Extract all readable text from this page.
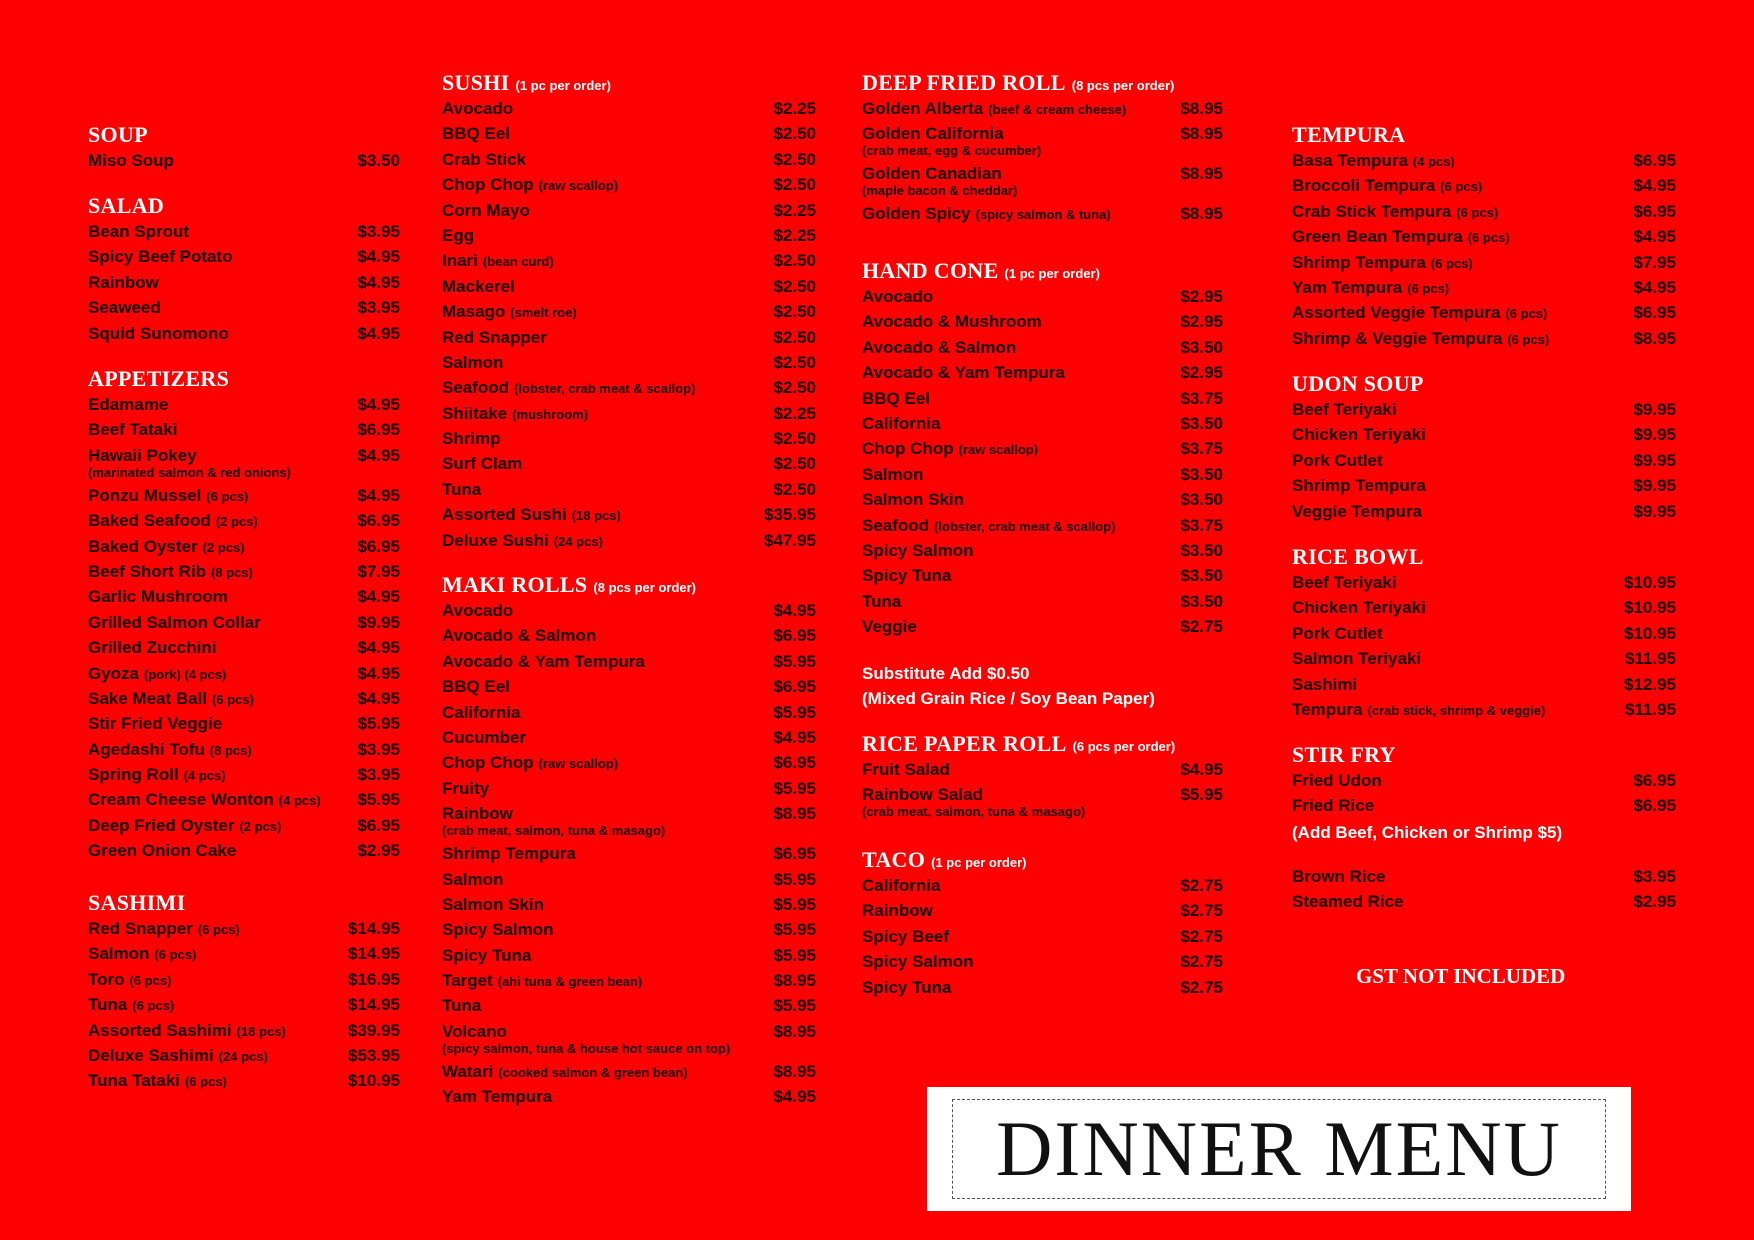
SOUP
Miso Soup	$3.50
SALAD
Bean Sprout	$3.95
Spicy Beef Potato	$4.95
Rainbow	$4.95
Seaweed	$3.95
Squid Sunomono	$4.95
APPETIZERS
Edamame	$4.95
Beef Tataki	$6.95
Hawaii Pokey	$4.95
(marinated salmon & red onions)
Ponzu Mussel (6 pcs)	$4.95
Baked Seafood (2 pcs)	$6.95
Baked Oyster (2 pcs)	$6.95
Beef Short Rib (8 pcs)	$7.95
Garlic Mushroom	$4.95
Grilled Salmon Collar	$9.95
Grilled Zucchini	$4.95
Gyoza (pork) (4 pcs)	$4.95
Sake Meat Ball (6 pcs)	$4.95
Stir Fried Veggie	$5.95
Agedashi Tofu (8 pcs)	$3.95
Spring Roll (4 pcs)	$3.95
Cream Cheese Wonton (4 pcs) $5.95
Deep Fried Oyster (2 pcs)	$6.95
Green Onion Cake	$2.95
SASHIMI
Red Snapper (6 pcs)	$14.95
Salmon (6 pcs)	$14.95
Toro (6 pcs)	$16.95
Tuna (6 pcs)	$14.95
Assorted Sashimi (18 pcs)	$39.95
Deluxe Sashimi (24 pcs)	$53.95
Tuna Tataki (6 pcs)	$10.95
SUSHI (1 pc per order)
Avocado	$2.25
BBQ Eel	$2.50
Crab Stick	$2.50
Chop Chop (raw scallop)	$2.50
Corn Mayo	$2.25
Egg	$2.25
Inari (bean curd)	$2.50
Mackerel	$2.50
Masago (smelt roe)	$2.50
Red Snapper	$2.50
Salmon	$2.50
Seafood (lobster, crab meat & scallop)	$2.50
Shiitake (mushroom)	$2.25
Shrimp	$2.50
Surf Clam	$2.50
Tuna	$2.50
Assorted Sushi (18 pcs)	$35.95
Deluxe Sushi (24 pcs)	$47.95
MAKI ROLLS (8 pcs per order)
Avocado	$4.95
Avocado & Salmon	$6.95
Avocado & Yam Tempura	$5.95
BBQ Eel	$6.95
California	$5.95
Cucumber	$4.95
Chop Chop (raw scallop)	$6.95
Fruity	$5.95
Rainbow	$8.95
(crab meat, salmon, tuna & masago)
Shrimp Tempura	$6.95
Salmon	$5.95
Salmon Skin	$5.95
Spicy Salmon	$5.95
Spicy Tuna	$5.95
Target (ahi tuna & green bean)	$8.95
Tuna	$5.95
Volcano	$8.95
(spicy salmon, tuna & house hot sauce on top)
Watari (cooked salmon & green bean)	$8.95
Yam Tempura	$4.95
DEEP FRIED ROLL (8 pcs per order)
Golden Alberta (beef & cream cheese)	$8.95
Golden California	$8.95
(crab meat, egg & cucumber)
Golden Canadian	$8.95
(maple bacon & cheddar)
Golden Spicy (spicy salmon & tuna)	$8.95
HAND CONE (1 pc per order)
Avocado	$2.95
Avocado & Mushroom	$2.95
Avocado & Salmon	$3.50
Avocado & Yam Tempura	$2.95
BBQ Eel	$3.75
California	$3.50
Chop Chop (raw scallop)	$3.75
Salmon	$3.50
Salmon Skin	$3.50
Seafood (lobster, crab meat & scallop)	$3.75
Spicy Salmon	$3.50
Spicy Tuna	$3.50
Tuna	$3.50
Veggie	$2.75
RICE PAPER ROLL (6 pcs per order)
Fruit Salad	$4.95
Rainbow Salad	$5.95
(crab meat, salmon, tuna & masago)
TACO (1 pc per order)
California	$2.75
Rainbow	$2.75
Spicy Beef	$2.75
Spicy Salmon	$2.75
Spicy Tuna	$2.75
TEMPURA
Basa Tempura (4 pcs)	$6.95
Broccoli Tempura (6 pcs)	$4.95
Crab Stick Tempura (6 pcs)	$6.95
Green Bean Tempura (6 pcs)	$4.95
Shrimp Tempura (6 pcs)	$7.95
Yam Tempura (6 pcs)	$4.95
Assorted Veggie Tempura (6 pcs)	$6.95
Shrimp & Veggie Tempura (6 pcs)	$8.95
UDON SOUP
Beef Teriyaki	$9.95
Chicken Teriyaki	$9.95
Pork Cutlet	$9.95
Shrimp Tempura	$9.95
Veggie Tempura	$9.95
RICE BOWL
Beef Teriyaki	$10.95
Chicken Teriyaki	$10.95
Pork Cutlet	$10.95
Salmon Teriyaki	$11.95
Sashimi	$12.95
Tempura (crab stick, shrimp & veggie)	$11.95
STIR FRY
Fried Udon	$6.95
Fried Rice	$6.95
Brown Rice	$3.95
Steamed Rice	$2.95
Substitute Add $0.50
(Mixed Grain Rice / Soy Bean Paper)
(Add Beef, Chicken or Shrimp $5)
GST NOT INCLUDED
DINNER MENU
